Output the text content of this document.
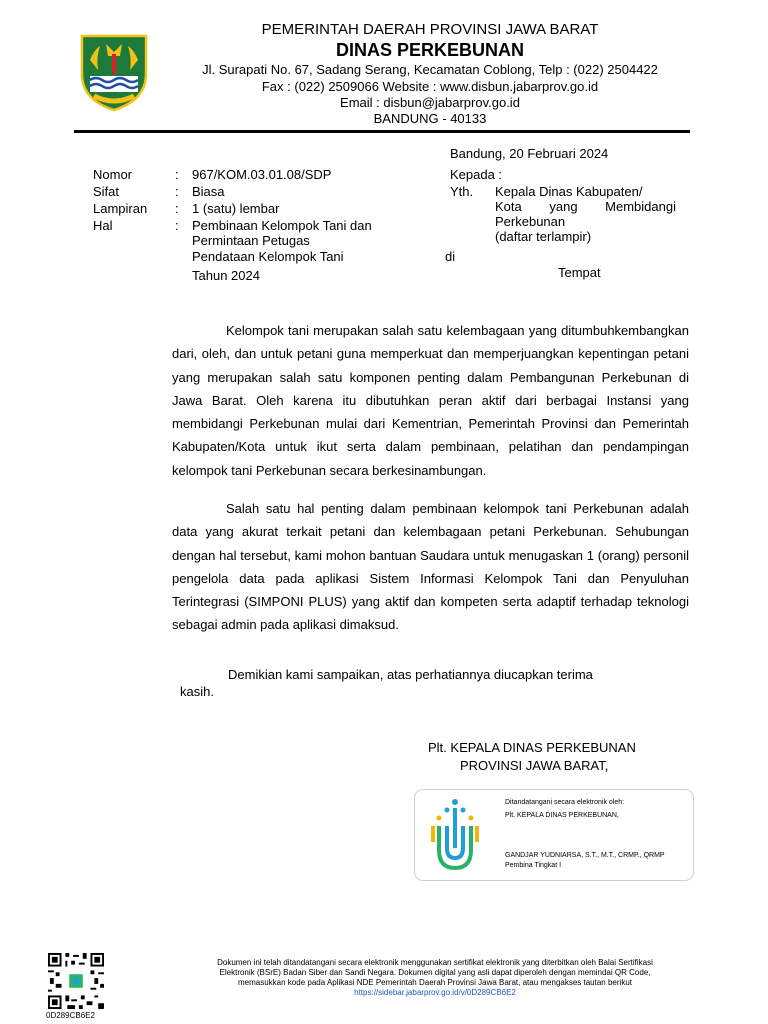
PEMERINTAH DAERAH PROVINSI JAWA BARAT
DINAS PERKEBUNAN
Jl. Surapati No. 67, Sadang Serang, Kecamatan Coblong, Telp : (022) 2504422
Fax : (022) 2509066 Website : www.disbun.jabarprov.go.id
Email : disbun@jabarprov.go.id
BANDUNG - 40133
Bandung, 20 Februari 2024
Nomor	: 967/KOM.03.01.08/SDP
Sifat	: Biasa
Lampiran : 1 (satu) lembar
Hal	: Pembinaan Kelompok Tani dan
Permintaan Petugas
Pendataan Kelompok Tani
Tahun 2024
Kepada :
Yth. Kepala Dinas Kabupaten/
Kota yang Membidangi
Perkebunan
(daftar terlampir)
di
Tempat
Kelompok tani merupakan salah satu kelembagaan yang ditumbuhkembangkan dari, oleh, dan untuk petani guna memperkuat dan memperjuangkan kepentingan petani yang merupakan salah satu komponen penting dalam Pembangunan Perkebunan di Jawa Barat. Oleh karena itu dibutuhkan peran aktif dari berbagai Instansi yang membidangi Perkebunan mulai dari Kementrian, Pemerintah Provinsi dan Pemerintah Kabupaten/Kota untuk ikut serta dalam pembinaan, pelatihan dan pendampingan kelompok tani Perkebunan secara berkesinambungan.
Salah satu hal penting dalam pembinaan kelompok tani Perkebunan adalah data yang akurat terkait petani dan kelembagaan petani Perkebunan. Sehubungan dengan hal tersebut, kami mohon bantuan Saudara untuk menugaskan 1 (orang) personil pengelola data pada aplikasi Sistem Informasi Kelompok Tani dan Penyuluhan Terintegrasi (SIMPONI PLUS) yang aktif dan kompeten serta adaptif terhadap teknologi sebagai admin pada aplikasi dimaksud.
Demikian kami sampaikan, atas perhatiannya diucapkan terima
kasih.
Plt. KEPALA DINAS PERKEBUNAN
PROVINSI JAWA BARAT,
Ditandatangani secara elektronik oleh:
Plt. KEPALA DINAS PERKEBUNAN,
GANDJAR YUDNIARSA, S.T., M.T., CRMP., QRMP
Pembina Tingkat I
0D289CB6E2
Dokumen ini telah ditandatangani secara elektronik menggunakan sertifikat elektronik yang diterbitkan oleh Balai Sertifikasi
Elektronik (BSrE) Badan Siber dan Sandi Negara. Dokumen digital yang asli dapat diperoleh dengan memindai QR Code,
memasukkan kode pada Aplikasi NDE Pemerintah Daerah Provinsi Jawa Barat, atau mengakses tautan berikut
https://sidebar.jabarprov.go.id/v/0D289CB6E2
